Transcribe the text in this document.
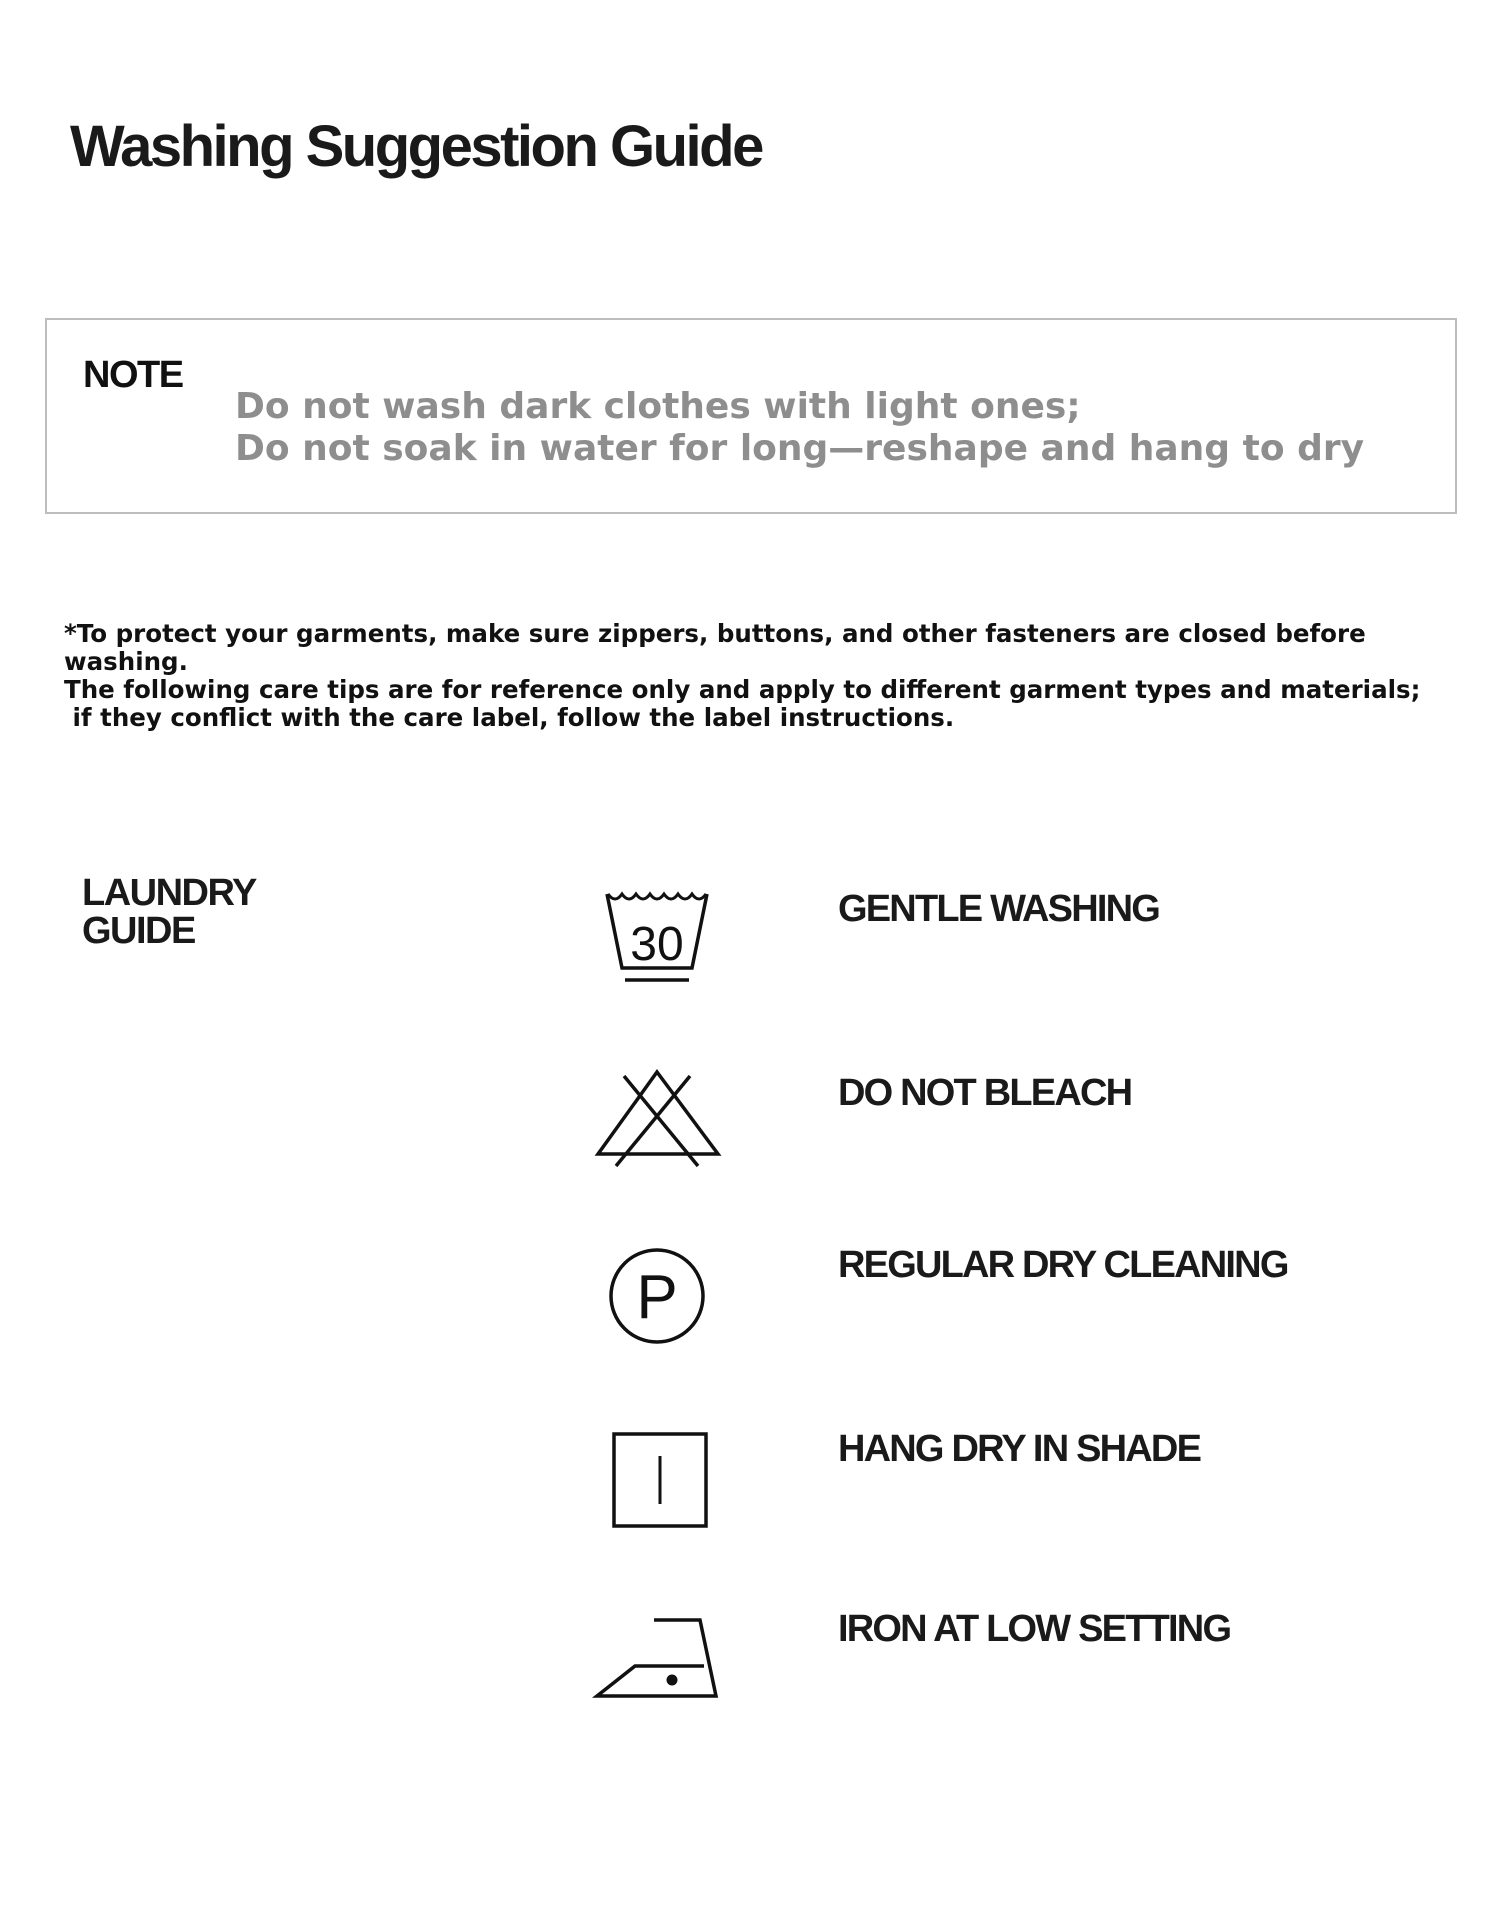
Washing Suggestion Guide
NOTE
Do not wash dark clothes with light ones;
Do not soak in water for long—reshape and hang to dry
*To protect your garments, make sure zippers, buttons, and other fasteners are closed before washing.
The following care tips are for reference only and apply to different garment types and materials;
if they conflict with the care label, follow the label instructions.
LAUNDRY
GUIDE	30
GENTLE WASHING
DO NOT BLEACH
P	REGULAR DRY CLEANING
HANG DRY IN SHADE
IRON AT LOW SETTING
